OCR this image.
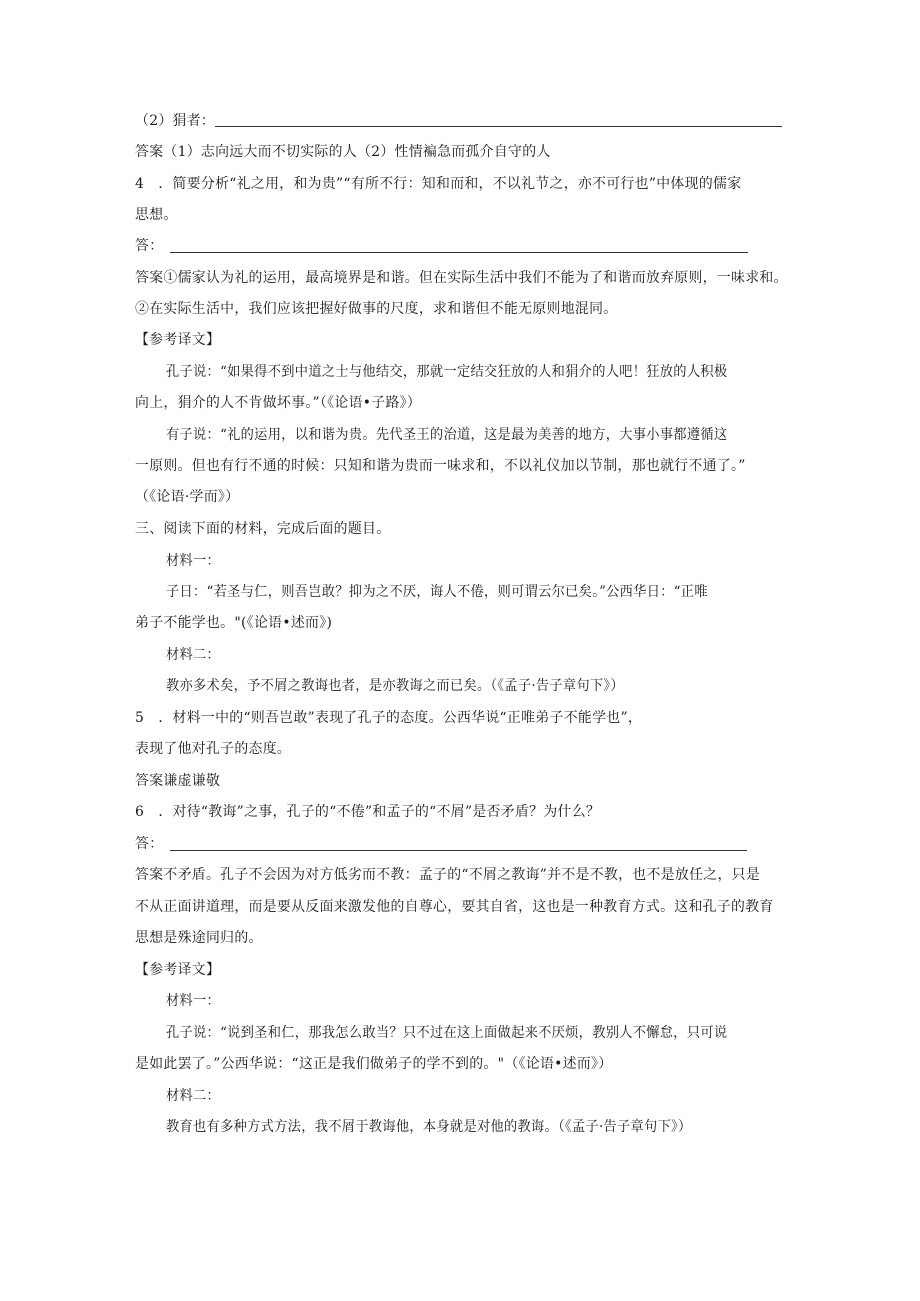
（2）狷者：
答案（1）志向远大而不切实际的人（2）性情褊急而孤介自守的人
4　．简要分析“礼之用，和为贵”“有所不行：知和而和，不以礼节之，亦不可行也”中体现的儒家
思想。
答：
答案①儒家认为礼的运用，最高境界是和谐。但在实际生活中我们不能为了和谐而放弃原则，一味求和。
②在实际生活中，我们应该把握好做事的尺度，求和谐但不能无原则地混同。
【参考译文】
孔子说：“如果得不到中道之士与他结交，那就一定结交狂放的人和狷介的人吧！狂放的人积极
向上，狷介的人不肯做坏事。”（《论语•子路》）
有子说：“礼的运用，以和谐为贵。先代圣王的治道，这是最为美善的地方，大事小事都遵循这
一原则。但也有行不通的时候：只知和谐为贵而一味求和，不以礼仪加以节制，那也就行不通了。”
（《论语·学而》）
三、阅读下面的材料，完成后面的题目。
材料一：
子日：“若圣与仁，则吾岂敢？抑为之不厌，诲人不倦，则可谓云尔已矣。”公西华日：“正唯
弟子不能学也。"(《论语•述而》)
材料二：
教亦多术矣，予不屑之教诲也者，是亦教诲之而已矣。（《孟子·告子章句下》）
5　．材料一中的“则吾岂敢”表现了孔子的态度。公西华说“正唯弟子不能学也”，
表现了他对孔子的态度。
答案谦虚谦敬
6　．对待“教诲”之事，孔子的“不倦”和孟子的“不屑”是否矛盾？为什么？
答：
答案不矛盾。孔子不会因为对方低劣而不教：孟子的“不屑之教诲”并不是不教，也不是放任之，只是
不从正面讲道理，而是要从反面来激发他的自尊心，要其自省，这也是一种教育方式。这和孔子的教育
思想是殊途同归的。
【参考译文】
材料一：
孔子说：“说到圣和仁，那我怎么敢当？只不过在这上面做起来不厌烦，教别人不懈怠，只可说
是如此罢了。”公西华说：“这正是我们做弟子的学不到的。"（《论语•述而》）
材料二：
教育也有多种方式方法，我不屑于教诲他，本身就是对他的教诲。（《孟子·告子章句下》）
